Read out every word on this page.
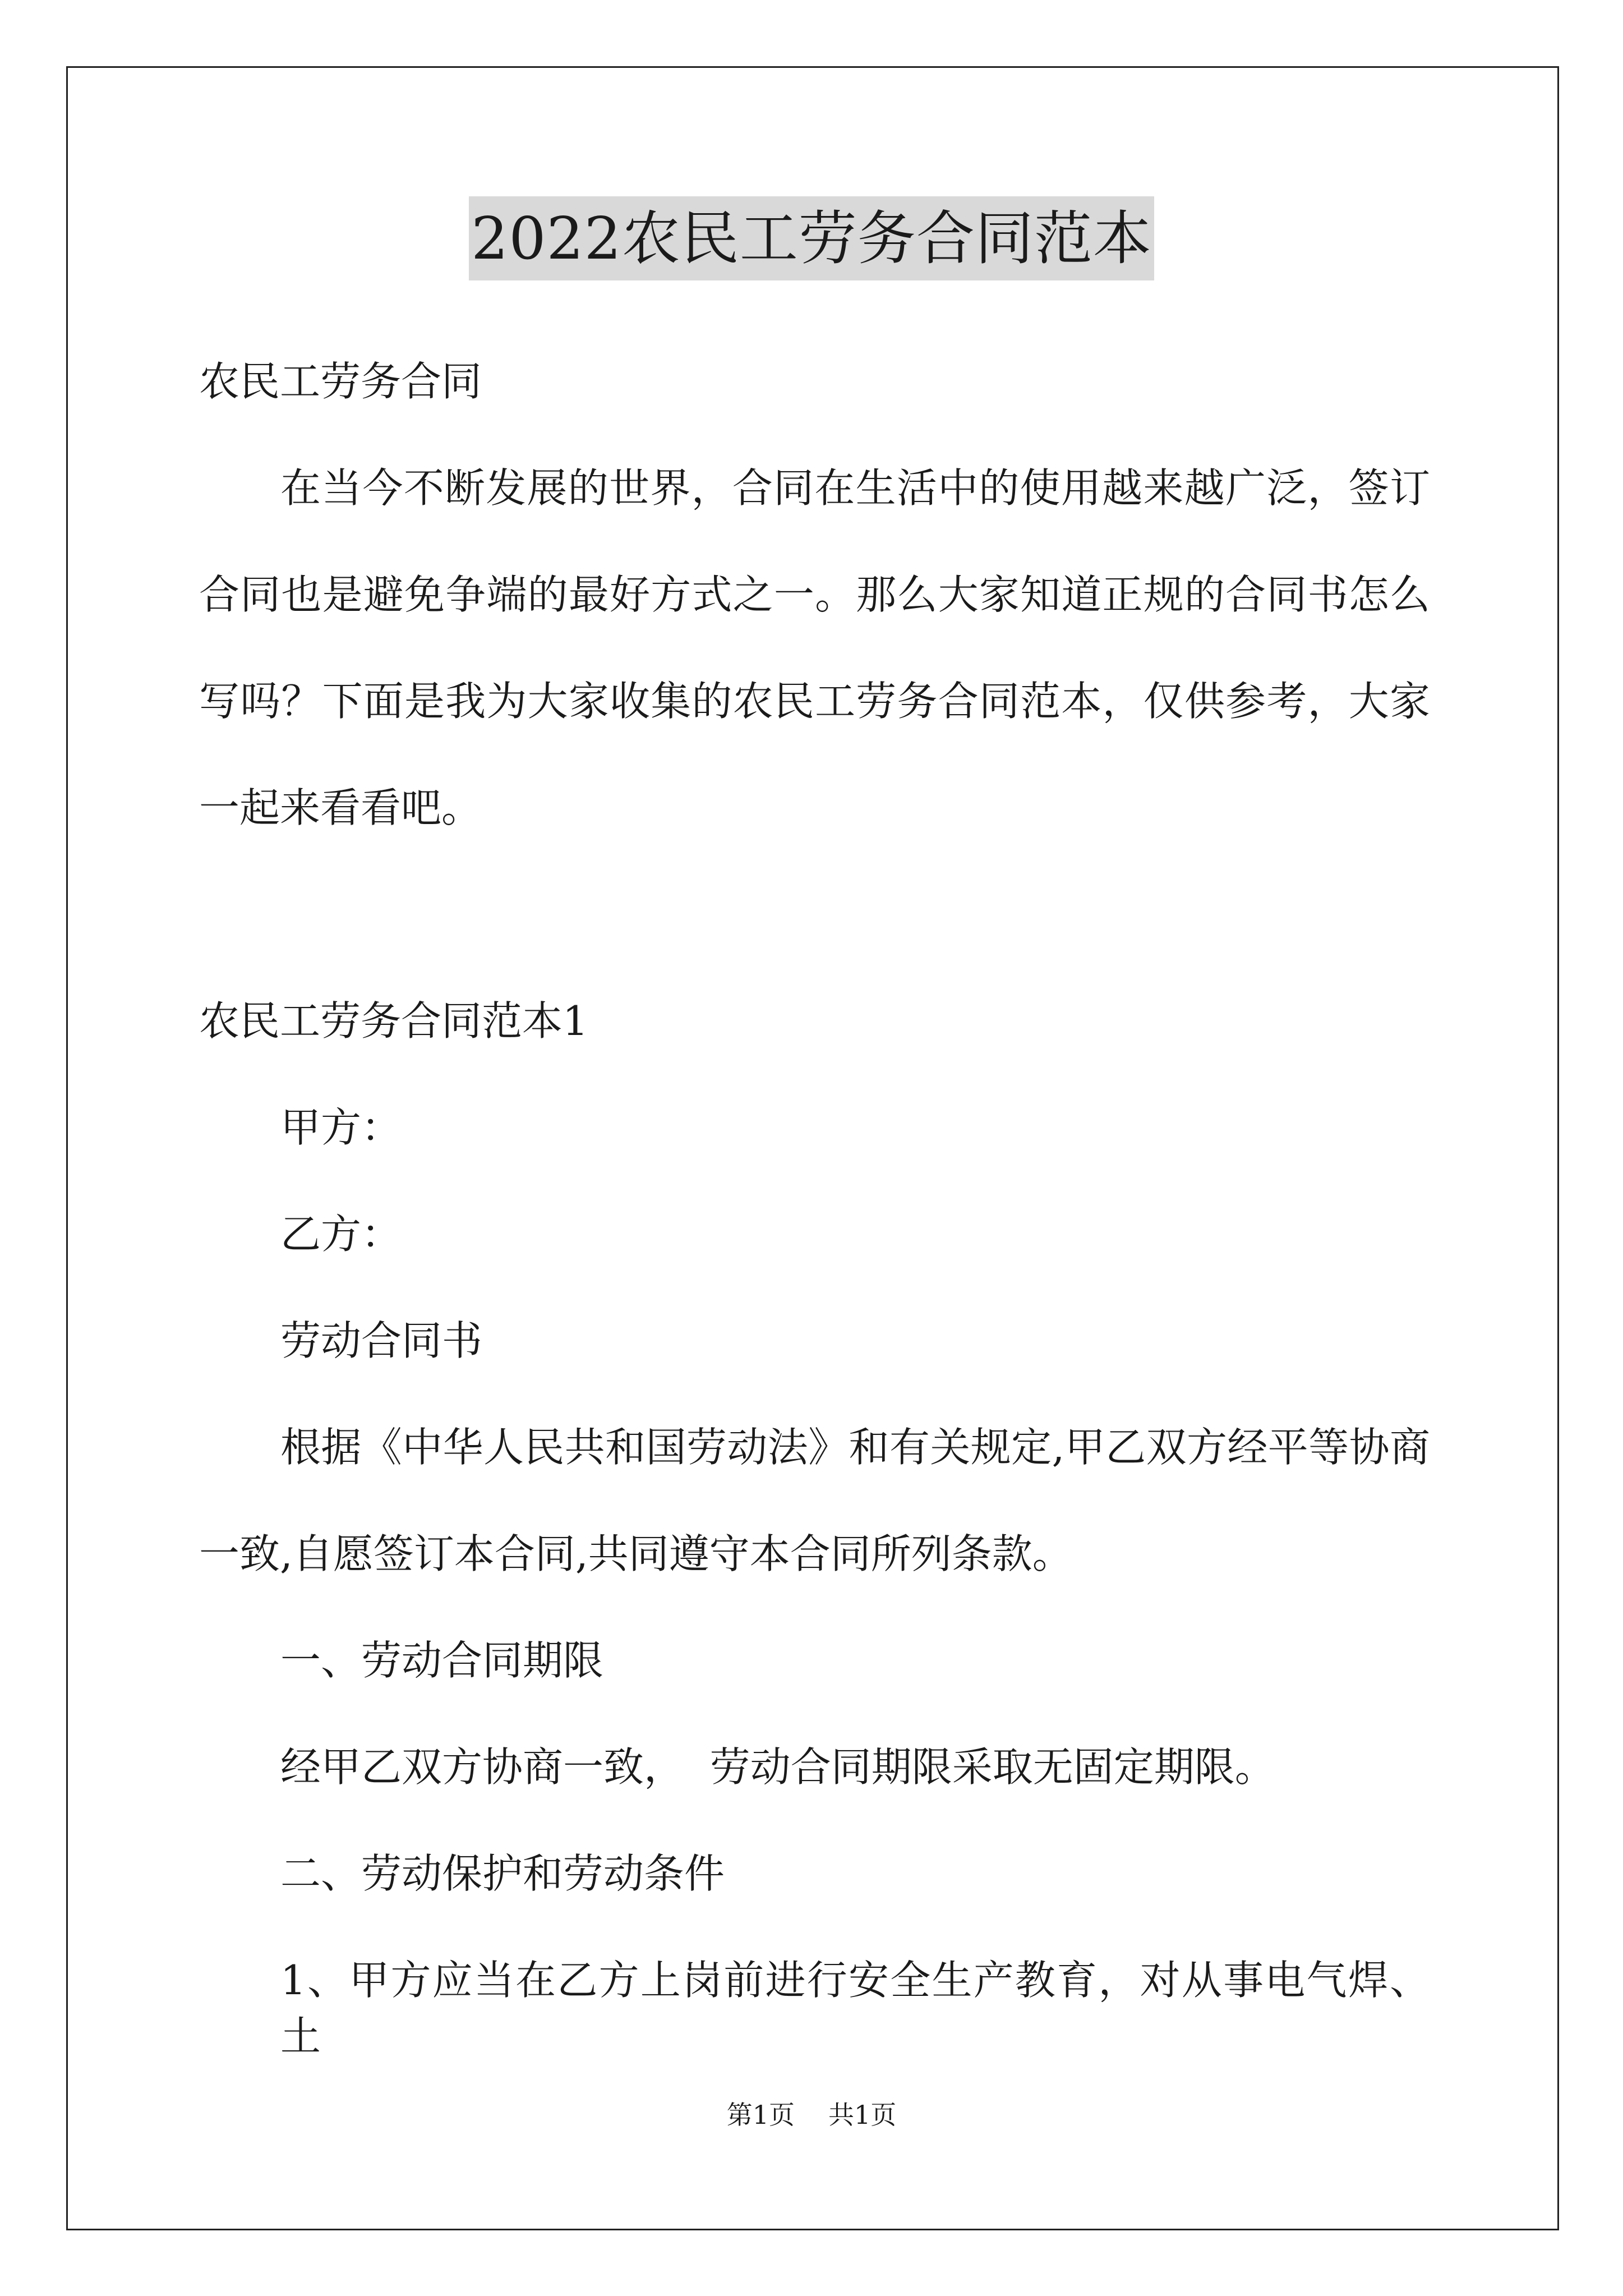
2022农民工劳务合同范本
农民工劳务合同
在当今不断发展的世界，合同在生活中的使用越来越广泛，签订
合同也是避免争端的最好方式之一。那么大家知道正规的合同书怎么
写吗？下面是我为大家收集的农民工劳务合同范本，仅供参考，大家
一起来看看吧。
农民工劳务合同范本1
甲方：
乙方：
劳动合同书
根据《中华人民共和国劳动法》和有关规定,甲乙双方经平等协商
一致,自愿签订本合同,共同遵守本合同所列条款。
一、劳动合同期限
经甲乙双方协商一致，  劳动合同期限采取无固定期限。
二、劳动保护和劳动条件
1、甲方应当在乙方上岗前进行安全生产教育，对从事电气焊、土
第1页 共1页
